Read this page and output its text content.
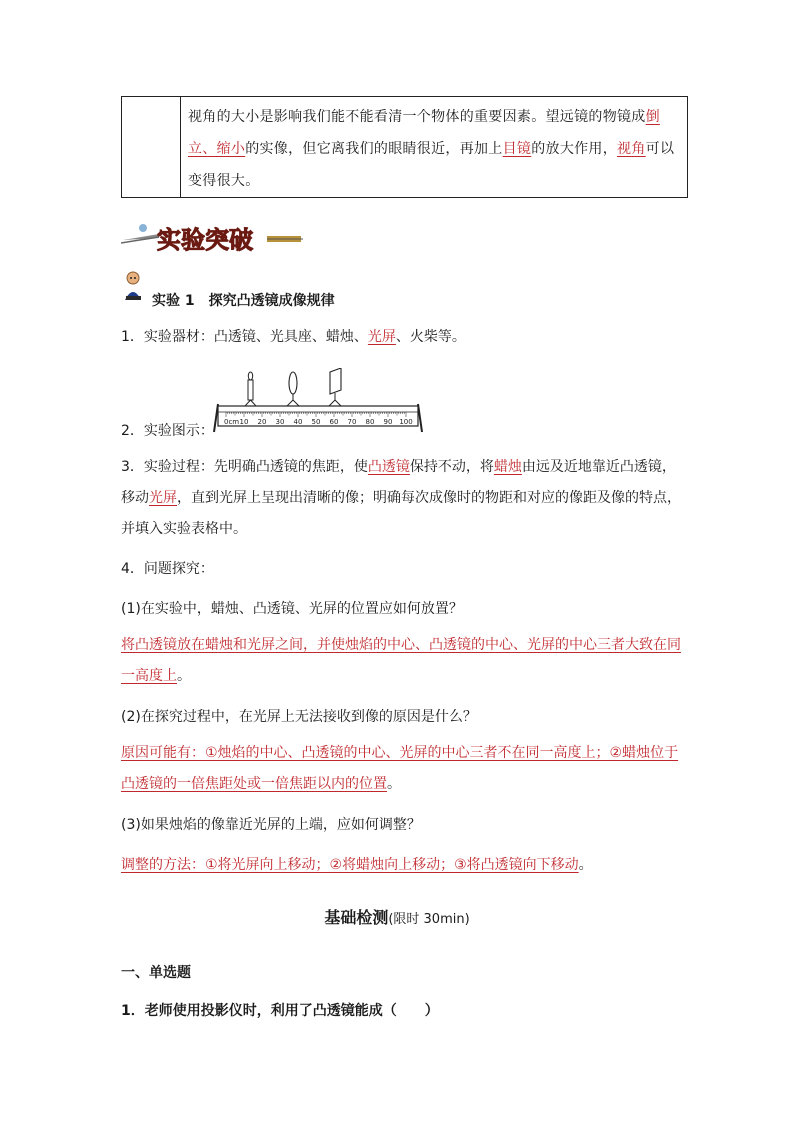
视角的大小是影响我们能不能看清一个物体的重要因素。望远镜的物镜成倒立、缩小的实像，但它离我们的眼睛很近，再加上目镜的放大作用，视角可以变得很大。
实验突破
实验 1　探究凸透镜成像规律
1．实验器材：凸透镜、光具座、蜡烛、光屏、火柴等。
2．实验图示：
0cm 10 20 30 40 50 60 70 80 90 100
3．实验过程：先明确凸透镜的焦距，使凸透镜保持不动，将蜡烛由远及近地靠近凸透镜，移动光屏，直到光屏上呈现出清晰的像；明确每次成像时的物距和对应的像距及像的特点，并填入实验表格中。
4．问题探究：
(1)在实验中，蜡烛、凸透镜、光屏的位置应如何放置？
将凸透镜放在蜡烛和光屏之间，并使烛焰的中心、凸透镜的中心、光屏的中心三者大致在同一高度上。
(2)在探究过程中，在光屏上无法接收到像的原因是什么？
原因可能有：①烛焰的中心、凸透镜的中心、光屏的中心三者不在同一高度上；②蜡烛位于凸透镜的一倍焦距处或一倍焦距以内的位置。
(3)如果烛焰的像靠近光屏的上端，应如何调整？
调整的方法：①将光屏向上移动；②将蜡烛向上移动；③将凸透镜向下移动。
基础检测(限时 30min)
一、单选题
1．老师使用投影仪时，利用了凸透镜能成（　　）
